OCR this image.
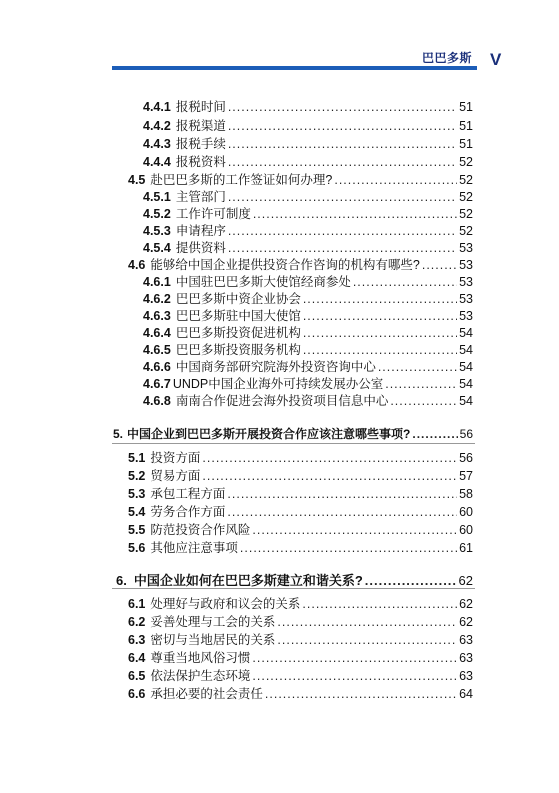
巴巴多斯 V
4.4.1 报税时间 .....	51
4.4.2 报税渠道 .....	51
4.4.3 报税手续 .....	51
4.4.4 报税资料 .....	52
4.5 赴巴巴多斯的工作签证如何办理? .....	52
4.5.1 主管部门 .....	52
4.5.2 工作许可制度 .....	52
4.5.3 申请程序 .....	52
4.5.4 提供资料 .....	53
4.6 能够给中国企业提供投资合作咨询的机构有哪些? .....	53
4.6.1 中国驻巴巴多斯大使馆经商参处 .....	53
4.6.2 巴巴多斯中资企业协会 .....	53
4.6.3 巴巴多斯驻中国大使馆 .....	53
4.6.4 巴巴多斯投资促进机构 .....	54
4.6.5 巴巴多斯投资服务机构 .....	54
4.6.6 中国商务部研究院海外投资咨询中心 .....	54
4.6.7 UNDP中国企业海外可持续发展办公室 .....	54
4.6.8 南南合作促进会海外投资项目信息中心 .....	54
5. 中国企业到巴巴多斯开展投资合作应该注意哪些事项? .....	56
5.1 投资方面 .....	56
5.2 贸易方面 .....	57
5.3 承包工程方面 .....	58
5.4 劳务合作方面 .....	60
5.5 防范投资合作风险 .....	60
5.6 其他应注意事项 .....	61
6. 中国企业如何在巴巴多斯建立和谐关系? .....	62
6.1 处理好与政府和议会的关系 .....	62
6.2 妥善处理与工会的关系 .....	62
6.3 密切与当地居民的关系 .....	63
6.4 尊重当地风俗习惯 .....	63
6.5 依法保护生态环境 .....	63
6.6 承担必要的社会责任 .....	64
